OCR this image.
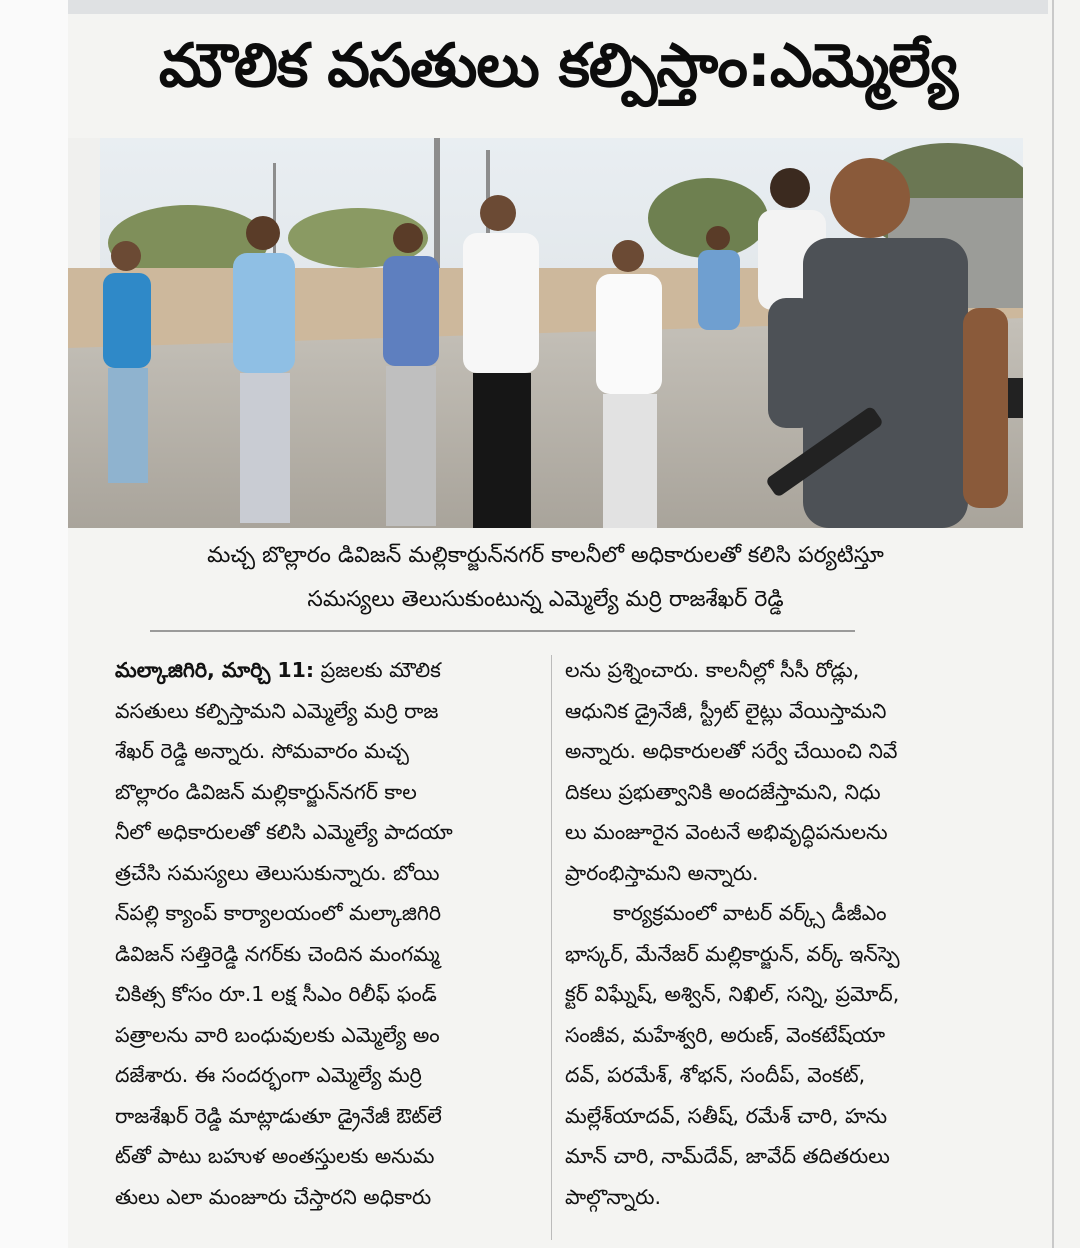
మౌలిక వసతులు కల్పిస్తాం:ఎమ్మెల్యే
మచ్చ బొల్లారం డివిజన్ మల్లికార్జున్‌నగర్ కాలనీలో అధికారులతో కలిసి పర్యటిస్తూ
సమస్యలు తెలుసుకుంటున్న ఎమ్మెల్యే మర్రి రాజశేఖర్ రెడ్డి
మల్కాజిగిరి, మార్చి 11: ప్రజలకు మౌలిక
వసతులు కల్పిస్తామని ఎమ్మెల్యే మర్రి రాజ
శేఖర్ రెడ్డి అన్నారు. సోమవారం మచ్చ
బొల్లారం డివిజన్ మల్లికార్జున్‌నగర్ కాల
నీలో అధికారులతో కలిసి ఎమ్మెల్యే పాదయా
త్రచేసి సమస్యలు తెలుసుకున్నారు. బోయి
న్‌పల్లి క్యాంప్ కార్యాలయంలో మల్కాజిగిరి
డివిజన్ సత్తిరెడ్డి నగర్‌కు చెందిన మంగమ్మ
చికిత్స కోసం రూ.1 లక్ష సీఎం రిలీఫ్ ఫండ్
పత్రాలను వారి బంధువులకు ఎమ్మెల్యే అం
దజేశారు. ఈ సందర్భంగా ఎమ్మెల్యే మర్రి
రాజశేఖర్ రెడ్డి మాట్లాడుతూ డ్రైనేజీ ఔట్‌లే
ట్‌తో పాటు బహుళ అంతస్తులకు అనుమ
తులు ఎలా మంజూరు చేస్తారని అధికారు
లను ప్రశ్నించారు. కాలనీల్లో సీసీ రోడ్లు,
ఆధునిక డ్రైనేజీ, స్ట్రీట్ లైట్లు వేయిస్తామని
అన్నారు. అధికారులతో సర్వే చేయించి నివే
దికలు ప్రభుత్వానికి అందజేస్తామని, నిధు
లు మంజూరైన వెంటనే అభివృద్ధిపనులను
ప్రారంభిస్తామని అన్నారు.
కార్యక్రమంలో వాటర్ వర్క్స్ డీజీఎం
భాస్కర్, మేనేజర్ మల్లికార్జున్, వర్క్ ఇన్‌స్పె
క్టర్ విఘ్నేష్, అశ్విన్, నిఖిల్, సన్ని, ప్రమోద్,
సంజీవ, మహేశ్వరి, అరుణ్, వెంకటేష్‌యా
దవ్, పరమేశ్, శోభన్, సందీప్, వెంకట్,
మల్లేశ్‌యాదవ్, సతీష్, రమేశ్ చారి, హను
మాన్ చారి, నామ్‌దేవ్, జావేద్ తదితరులు
పాల్గొన్నారు.
